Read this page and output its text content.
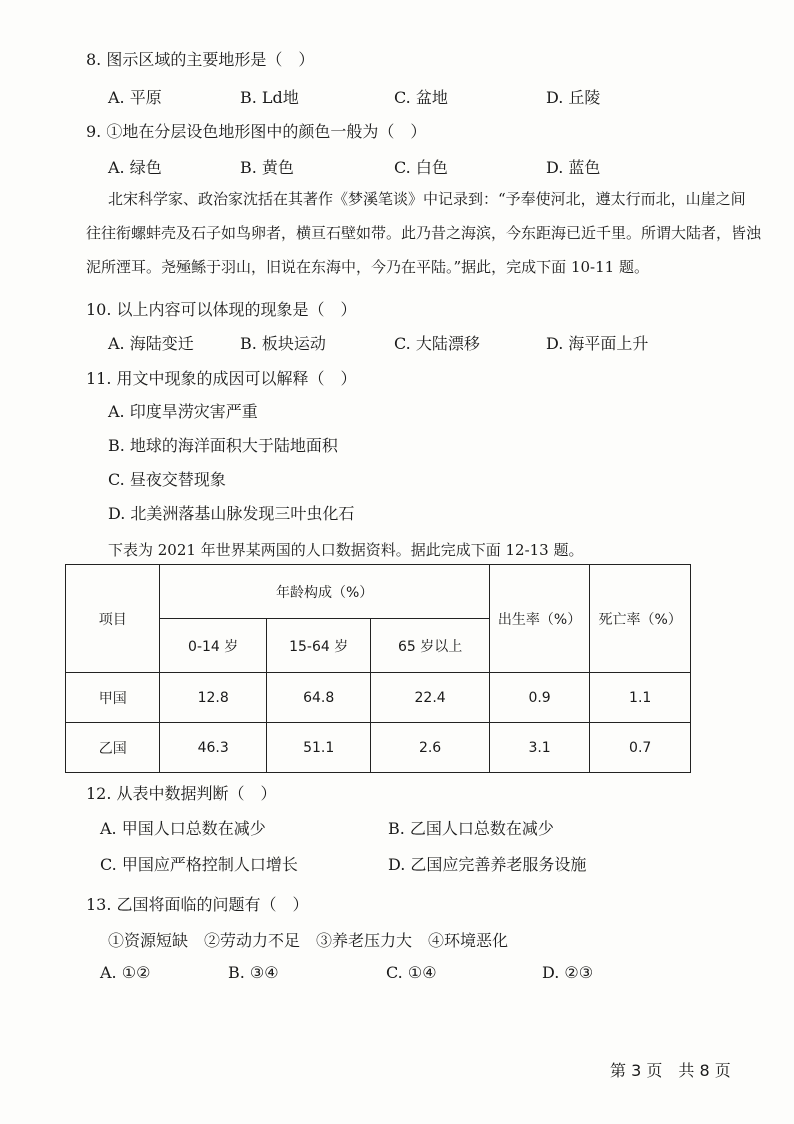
8. 图示区域的主要地形是（　）
A. 平原	B. Ld地	C. 盆地	D. 丘陵
9. ①地在分层设色地形图中的颜色一般为（　）
A. 绿色	B. 黄色	C. 白色	D. 蓝色
北宋科学家、政治家沈括在其著作《梦溪笔谈》中记录到：“予奉使河北，遵太行而北，山崖之间
往往衔螺蚌壳及石子如鸟卵者，横亘石壁如带。此乃昔之海滨，今东距海已近千里。所谓大陆者，皆浊
泥所湮耳。尧殛鲧于羽山，旧说在东海中，今乃在平陆。”据此，完成下面 10-11 题。
10. 以上内容可以体现的现象是（　）
A. 海陆变迁	B. 板块运动	C. 大陆漂移	D. 海平面上升
11. 用文中现象的成因可以解释（　）
A. 印度旱涝灾害严重
B. 地球的海洋面积大于陆地面积
C. 昼夜交替现象
D. 北美洲落基山脉发现三叶虫化石
下表为 2021 年世界某两国的人口数据资料。据此完成下面 12-13 题。
项目	年龄构成（%）			出生率（%）	死亡率（%）
	0-14 岁	15-64 岁	65 岁以上		
甲国	12.8	64.8	22.4	0.9	1.1
乙国	46.3	51.1	2.6	3.1	0.7
12. 从表中数据判断（　）
A. 甲国人口总数在减少	B. 乙国人口总数在减少
C. 甲国应严格控制人口增长	D. 乙国应完善养老服务设施
13. 乙国将面临的问题有（　）
①资源短缺　②劳动力不足　③养老压力大　④环境恶化
A. ①②	B. ③④	C. ①④	D. ②③
第 3 页　共 8 页
